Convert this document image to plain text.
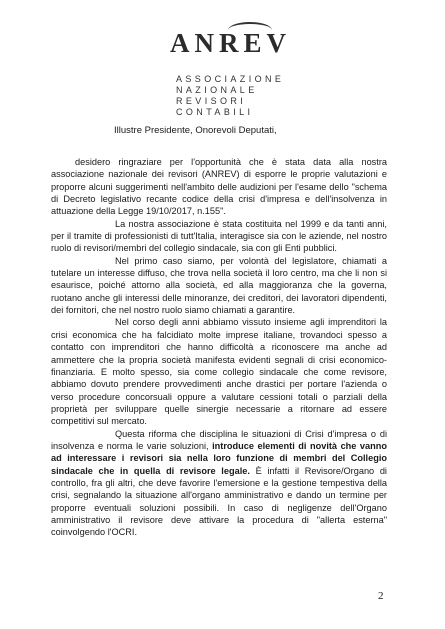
ANREV
ASSOCIAZIONE
NAZIONALE
REVISORI
CONTABILI
Illustre Presidente, Onorevoli Deputati,

desidero ringraziare per l'opportunità che è stata data alla nostra associazione nazionale dei revisori (ANREV) di esporre le proprie valutazioni e proporre alcuni suggerimenti nell'ambito delle audizioni per l'esame dello "schema di Decreto legislativo recante codice della crisi d'impresa e dell'insolvenza in attuazione della Legge 19/10/2017, n.155".

La nostra associazione è stata costituita nel 1999 e da tanti anni, per il tramite di professionisti di tutt'Italia, interagisce sia con le aziende, nel nostro ruolo di revisori/membri del collegio sindacale, sia con gli Enti pubblici.

Nel primo caso siamo, per volontà del legislatore, chiamati a tutelare un interesse diffuso, che trova nella società il loro centro, ma che li non si esaurisce, poiché attorno alla società, ed alla maggioranza che la governa, ruotano anche gli interessi delle minoranze, dei creditori, dei lavoratori dipendenti, dei fornitori, che nel nostro ruolo siamo chiamati a garantire.

Nel corso degli anni abbiamo vissuto insieme agli imprenditori la crisi economica che ha falcidiato molte imprese italiane, trovandoci spesso a contatto con imprenditori che hanno difficoltà a riconoscere ma anche ad ammettere che la propria società manifesta evidenti segnali di crisi economico-finanziaria. E molto spesso, sia come collegio sindacale che come revisore, abbiamo dovuto prendere provvedimenti anche drastici per portare l'azienda o verso procedure concorsuali oppure a valutare cessioni totali o parziali della proprietà per sviluppare quelle sinergie necessarie a ritornare ad essere competitivi sul mercato.

Questa riforma che disciplina le situazioni di Crisi d'impresa o di insolvenza e norma le varie soluzioni, introduce elementi di novità che vanno ad interessare i revisori sia nella loro funzione di membri del Collegio sindacale che in quella di revisore legale. È infatti il Revisore/Organo di controllo, fra gli altri, che deve favorire l'emersione e la gestione tempestiva della crisi, segnalando la situazione all'organo amministrativo e dando un termine per proporre eventuali soluzioni possibili. In caso di negligenze dell'Organo amministrativo il revisore deve attivare la procedura di "allerta esterna" coinvolgendo l'OCRI.

2
